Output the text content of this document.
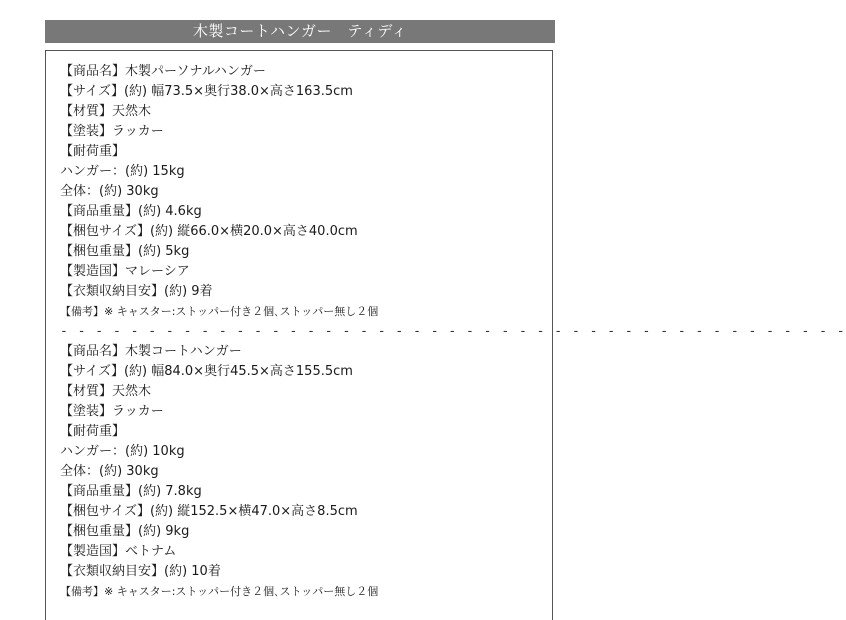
木製コートハンガー　ティディ
【商品名】木製パーソナルハンガー
【サイズ】(約) 幅73.5×奥行38.0×高さ163.5cm
【材質】天然木
【塗装】ラッカー
【耐荷重】
ハンガー：(約) 15kg
全体：(約) 30kg
【商品重量】(約) 4.6kg
【梱包サイズ】(約) 縦66.0×横20.0×高さ40.0cm
【梱包重量】(約) 5kg
【製造国】マレーシア
【衣類収納目安】(約) 9着
【備考】※ キャスター:ストッパー付き２個､ストッパー無し２個
- - - - - - - - - - - - - - - - - - - - - - - - - - - - - - - - - - - - - - - - - - - - -
【商品名】木製コートハンガー
【サイズ】(約) 幅84.0×奥行45.5×高さ155.5cm
【材質】天然木
【塗装】ラッカー
【耐荷重】
ハンガー：(約) 10kg
全体：(約) 30kg
【商品重量】(約) 7.8kg
【梱包サイズ】(約) 縦152.5×横47.0×高さ8.5cm
【梱包重量】(約) 9kg
【製造国】ベトナム
【衣類収納目安】(約) 10着
【備考】※ キャスター:ストッパー付き２個､ストッパー無し２個
